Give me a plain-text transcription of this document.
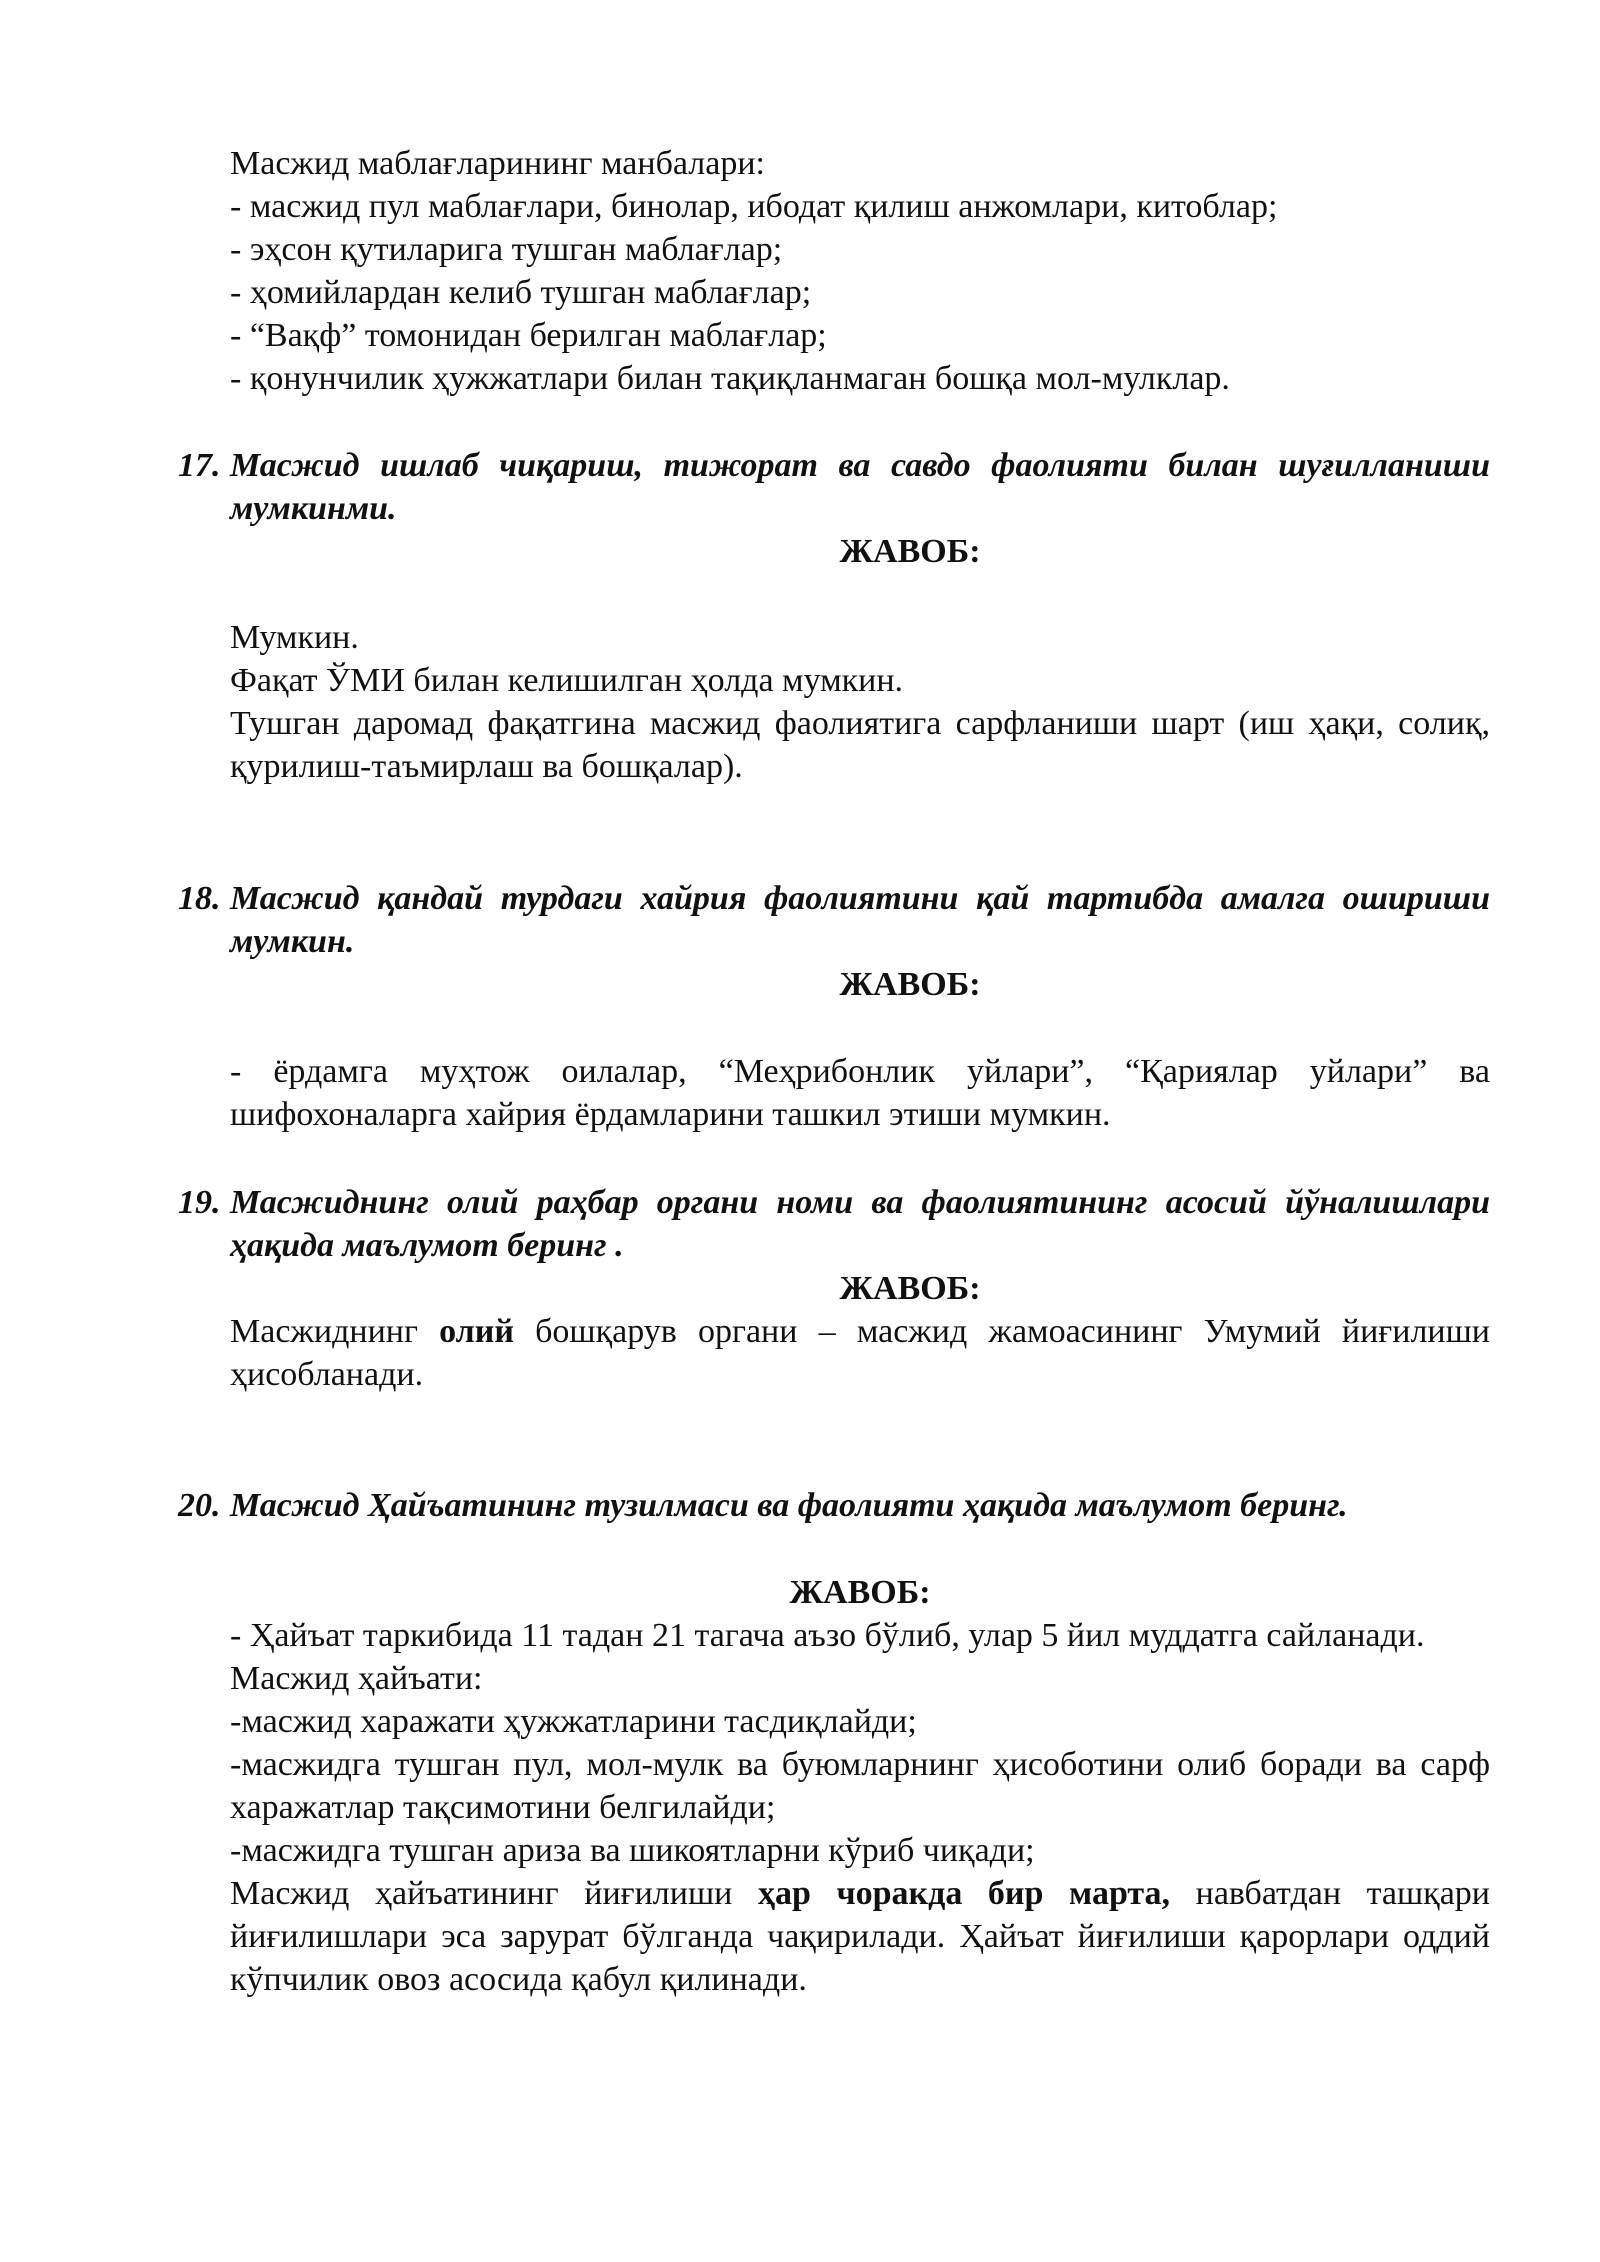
Масжид маблағларининг манбалари:
- масжид пул маблағлари, бинолар, ибодат қилиш анжомлари, китоблар;
- эҳсон қутиларига тушган маблағлар;
- ҳомийлардан келиб тушган маблағлар;
- “Вақф” томонидан берилган маблағлар;
- қонунчилик ҳужжатлари билан тақиқланмаган бошқа мол-мулклар.
17. Масжид ишлаб чиқариш, тижорат ва савдо фаолияти билан шуғилланиши мумкинми.

ЖАВОБ:

Мумкин.
Фақат ЎМИ билан келишилган ҳолда мумкин.

Тушган даромад фақатгина масжид фаолиятига сарфланиши шарт (иш ҳақи, солиқ, қурилиш-таъмирлаш ва бошқалар).

18. Масжид қандай турдаги хайрия фаолиятини қай тартибда амалга ошириши мумкин.

ЖАВОБ:

- ёрдамга муҳтож оилалар, “Меҳрибонлик уйлари”, “Қариялар уйлари” ва шифохоналарга хайрия ёрдамларини ташкил этиши мумкин.

19. Масжиднинг олий раҳбар органи номи ва фаолиятининг асосий йўналишлари ҳақида маълумот беринг .

ЖАВОБ:

Масжиднинг олий бошқарув органи – масжид жамоасининг Умумий йиғилиши ҳисобланади.

20. Масжид Ҳайъатининг тузилмаси ва фаолияти ҳақида маълумот беринг.

ЖАВОБ:

- Ҳайъат таркибида 11 тадан 21 тагача аъзо бўлиб, улар 5 йил муддатга сайланади.

Масжид ҳайъати:
-масжид харажати ҳужжатларини тасдиқлайди;

-масжидга тушган пул, мол-мулк ва буюмларнинг ҳисоботини олиб боради ва сарф харажатлар тақсимотини белгилайди;

-масжидга тушган ариза ва шикоятларни кўриб чиқади;

Масжид ҳайъатининг йиғилиши ҳар чоракда бир марта, навбатдан ташқари йиғилишлари эса зарурат бўлганда чақирилади. Ҳайъат йиғилиши қарорлари оддий кўпчилик овоз асосида қабул қилинади.
